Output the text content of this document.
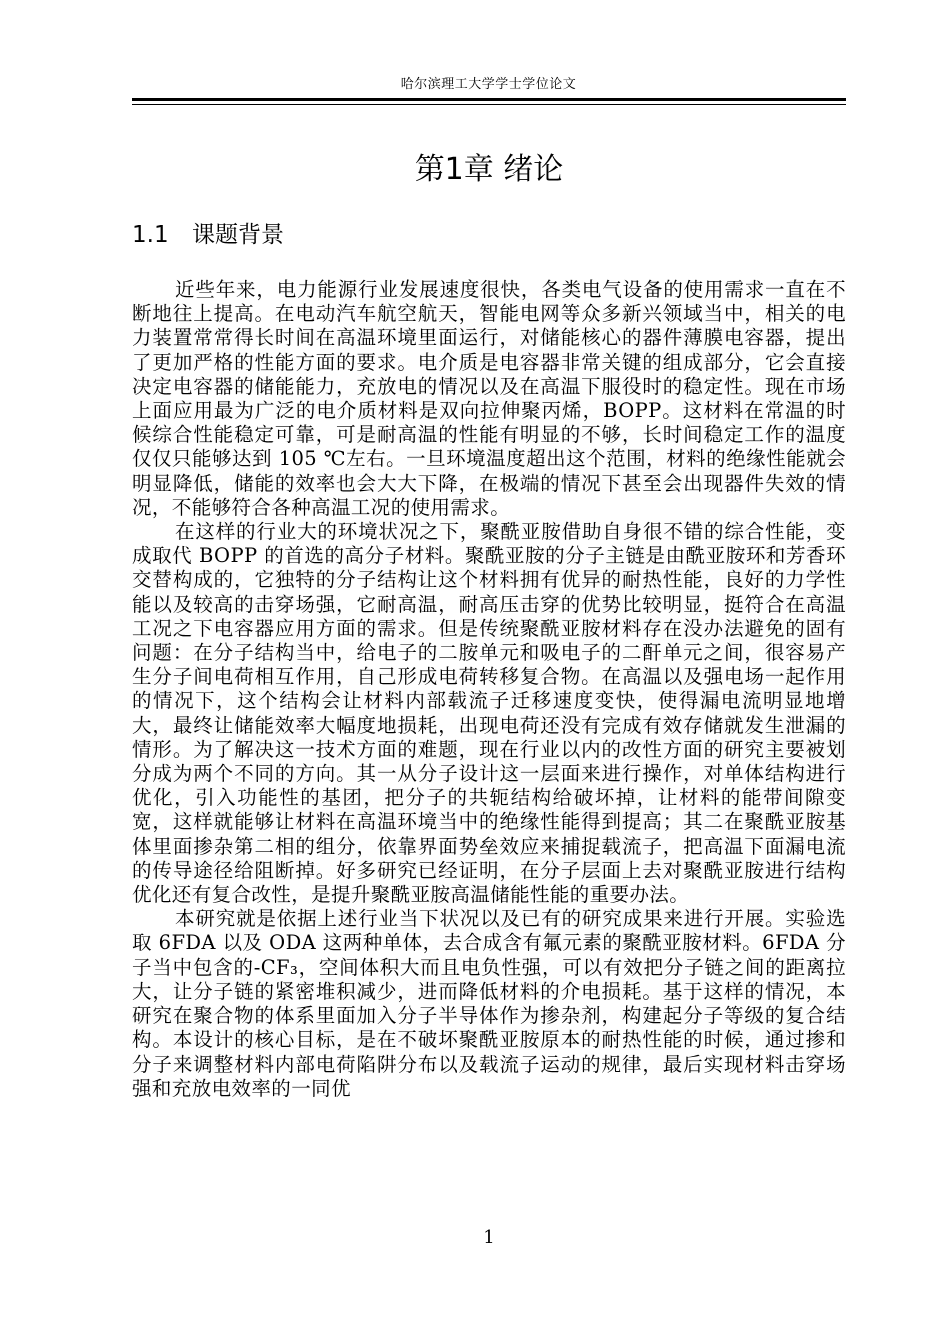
哈尔滨理工大学学士学位论文
第1章 绪论
1.1 课题背景

近些年来，电力能源行业发展速度很快，各类电气设备的使用需求一直在不断地往上提高。在电动汽车航空航天，智能电网等众多新兴领域当中，相关的电力装置常常得长时间在高温环境里面运行，对储能核心的器件薄膜电容器，提出了更加严格的性能方面的要求。电介质是电容器非常关键的组成部分，它会直接决定电容器的储能能力，充放电的情况以及在高温下服役时的稳定性。现在市场上面应用最为广泛的电介质材料是双向拉伸聚丙烯，BOPP。这材料在常温的时候综合性能稳定可靠，可是耐高温的性能有明显的不够，长时间稳定工作的温度仅仅只能够达到 105 ℃左右。一旦环境温度超出这个范围，材料的绝缘性能就会明显降低，储能的效率也会大大下降，在极端的情况下甚至会出现器件失效的情况，不能够符合各种高温工况的使用需求。

在这样的行业大的环境状况之下，聚酰亚胺借助自身很不错的综合性能，变成取代 BOPP 的首选的高分子材料。聚酰亚胺的分子主链是由酰亚胺环和芳香环交替构成的，它独特的分子结构让这个材料拥有优异的耐热性能，良好的力学性能以及较高的击穿场强，它耐高温，耐高压击穿的优势比较明显，挺符合在高温工况之下电容器应用方面的需求。但是传统聚酰亚胺材料存在没办法避免的固有问题：在分子结构当中，给电子的二胺单元和吸电子的二酐单元之间，很容易产生分子间电荷相互作用，自己形成电荷转移复合物。在高温以及强电场一起作用的情况下，这个结构会让材料内部载流子迁移速度变快，使得漏电流明显地增大，最终让储能效率大幅度地损耗，出现电荷还没有完成有效存储就发生泄漏的情形。为了解决这一技术方面的难题，现在行业以内的改性方面的研究主要被划分成为两个不同的方向。其一从分子设计这一层面来进行操作，对单体结构进行优化，引入功能性的基团，把分子的共轭结构给破坏掉，让材料的能带间隙变宽，这样就能够让材料在高温环境当中的绝缘性能得到提高；其二在聚酰亚胺基体里面掺杂第二相的组分，依靠界面势垒效应来捕捉载流子，把高温下面漏电流的传导途径给阻断掉。好多研究已经证明，在分子层面上去对聚酰亚胺进行结构优化还有复合改性，是提升聚酰亚胺高温储能性能的重要办法。

本研究就是依据上述行业当下状况以及已有的研究成果来进行开展。实验选取 6FDA 以及 ODA 这两种单体，去合成含有氟元素的聚酰亚胺材料。6FDA 分子当中包含的-CF₃，空间体积大而且电负性强，可以有效把分子链之间的距离拉大，让分子链的紧密堆积减少，进而降低材料的介电损耗。基于这样的情况，本研究在聚合物的体系里面加入分子半导体作为掺杂剂，构建起分子等级的复合结构。本设计的核心目标，是在不破坏聚酰亚胺原本的耐热性能的时候，通过掺和分子来调整材料内部电荷陷阱分布以及载流子运动的规律，最后实现材料击穿场强和充放电效率的一同优

1
